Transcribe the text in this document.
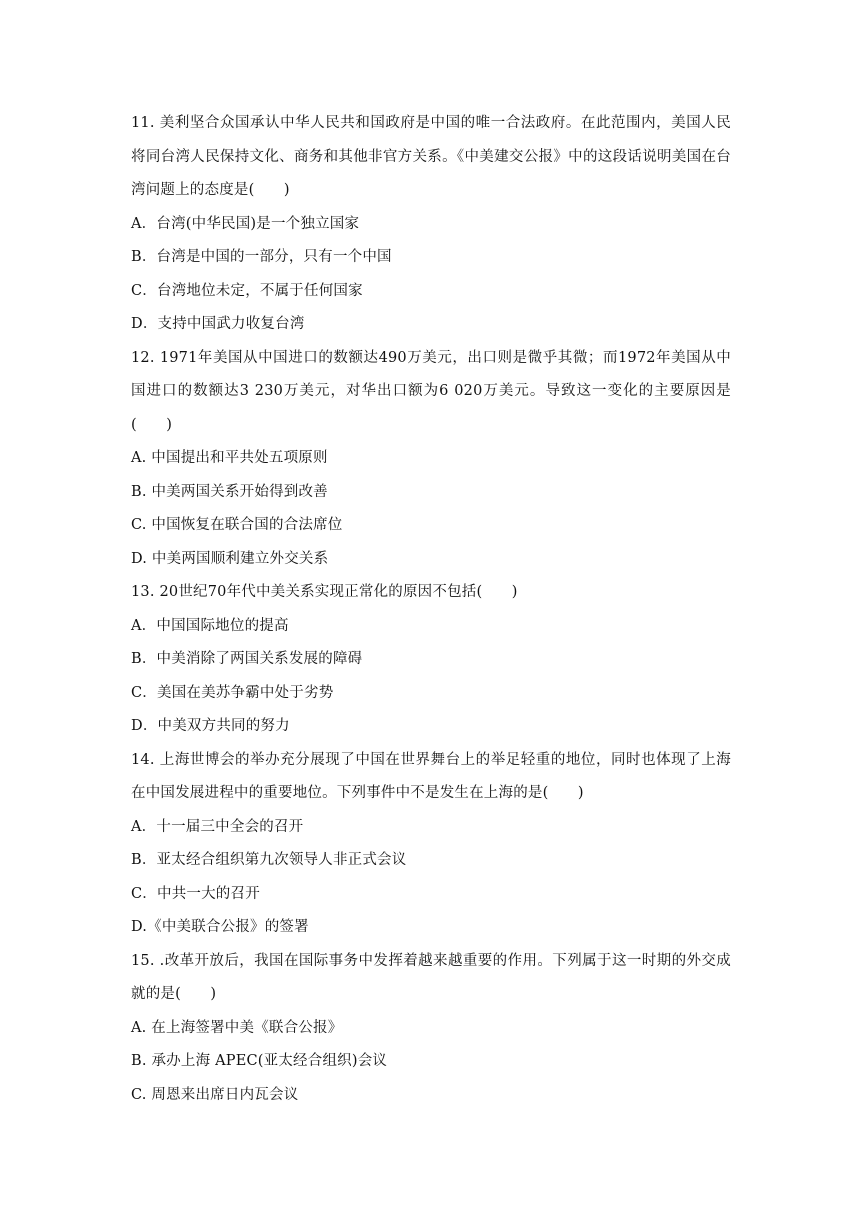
11. 美利坚合众国承认中华人民共和国政府是中国的唯一合法政府。在此范围内，美国人民将同台湾人民保持文化、商务和其他非官方关系。《中美建交公报》中的这段话说明美国在台湾问题上的态度是(　　)
A．台湾(中华民国)是一个独立国家
B．台湾是中国的一部分，只有一个中国
C．台湾地位未定，不属于任何国家
D．支持中国武力收复台湾
12. 1971年美国从中国进口的数额达490万美元，出口则是微乎其微；而1972年美国从中国进口的数额达3 230万美元，对华出口额为6 020万美元。导致这一变化的主要原因是(　　)
A. 中国提出和平共处五项原则
B. 中美两国关系开始得到改善
C. 中国恢复在联合国的合法席位
D. 中美两国顺利建立外交关系
13. 20世纪70年代中美关系实现正常化的原因不包括(　　)
A．中国国际地位的提高
B．中美消除了两国关系发展的障碍
C．美国在美苏争霸中处于劣势
D．中美双方共同的努力
14. 上海世博会的举办充分展现了中国在世界舞台上的举足轻重的地位，同时也体现了上海在中国发展进程中的重要地位。下列事件中不是发生在上海的是(　　)
A．十一届三中全会的召开
B．亚太经合组织第九次领导人非正式会议
C．中共一大的召开
D.《中美联合公报》的签署
15. .改革开放后，我国在国际事务中发挥着越来越重要的作用。下列属于这一时期的外交成就的是(　　)
A. 在上海签署中美《联合公报》
B. 承办上海 APEC(亚太经合组织)会议
C. 周恩来出席日内瓦会议
